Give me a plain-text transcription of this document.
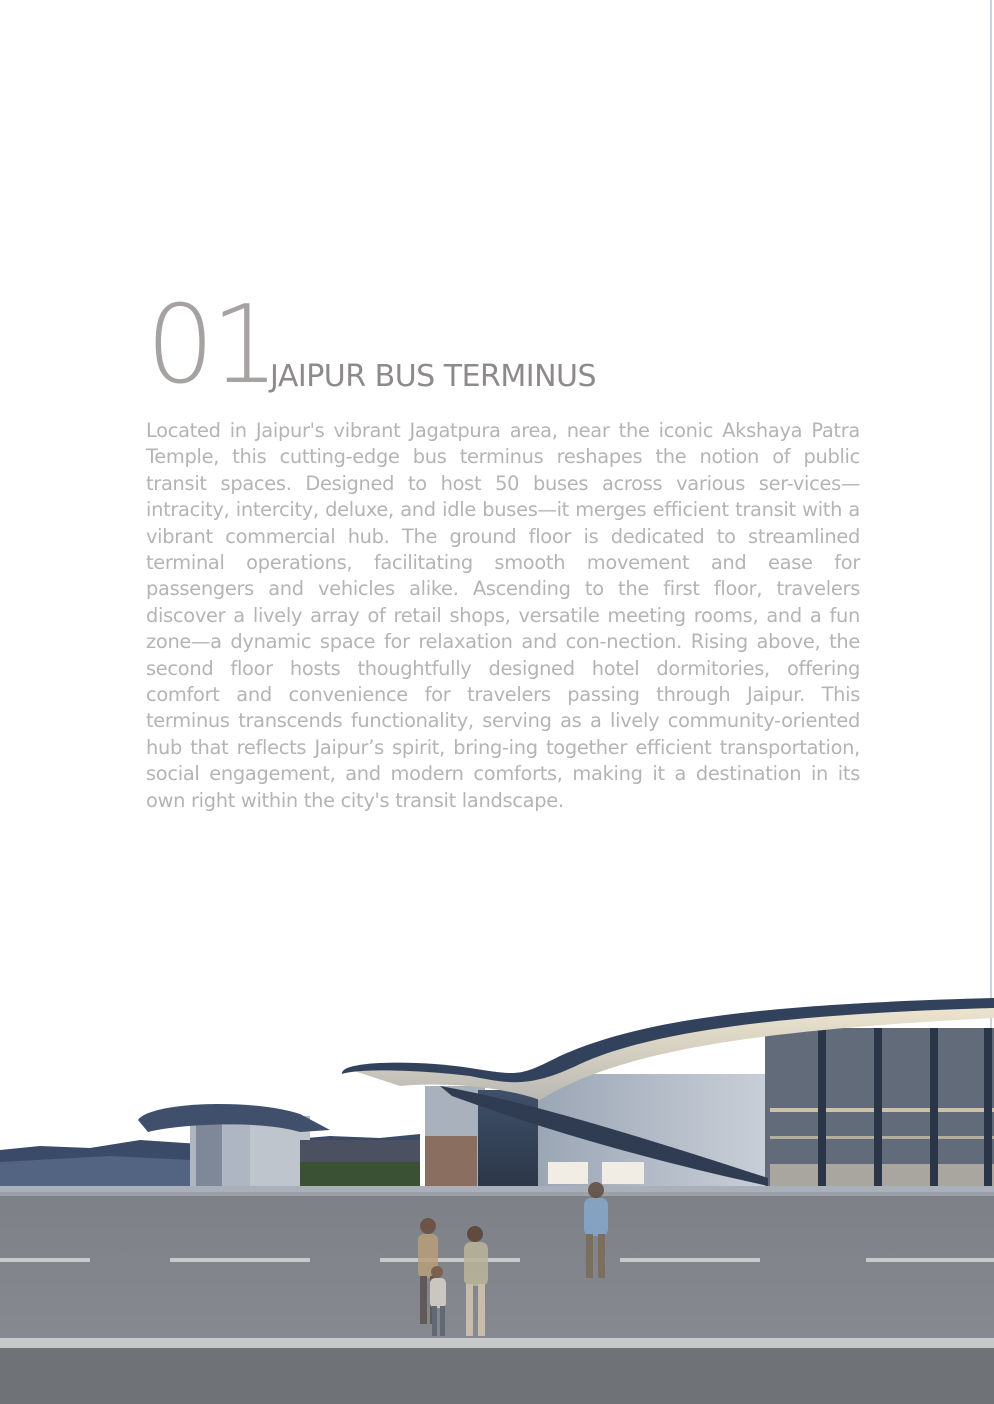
01
JAIPUR BUS TERMINUS

Located in Jaipur's vibrant Jagatpura area, near the iconic Akshaya Patra Temple, this cutting-edge bus terminus reshapes the notion of public transit spaces. Designed to host 50 buses across various ser-vices—intracity, intercity, deluxe, and idle buses—it merges efficient transit with a vibrant commercial hub. The ground floor is dedicated to streamlined terminal operations, facilitating smooth movement and ease for passengers and vehicles alike. Ascending to the first floor, travelers discover a lively array of retail shops, versatile meeting rooms, and a fun zone—a dynamic space for relaxation and con-nection. Rising above, the second floor hosts thoughtfully designed hotel dormitories, offering comfort and convenience for travelers passing through Jaipur. This terminus transcends functionality, serving as a lively community-oriented hub that reflects Jaipur’s spirit, bring-ing together efficient transportation, social engagement, and modern comforts, making it a destination in its own right within the city's transit landscape.
